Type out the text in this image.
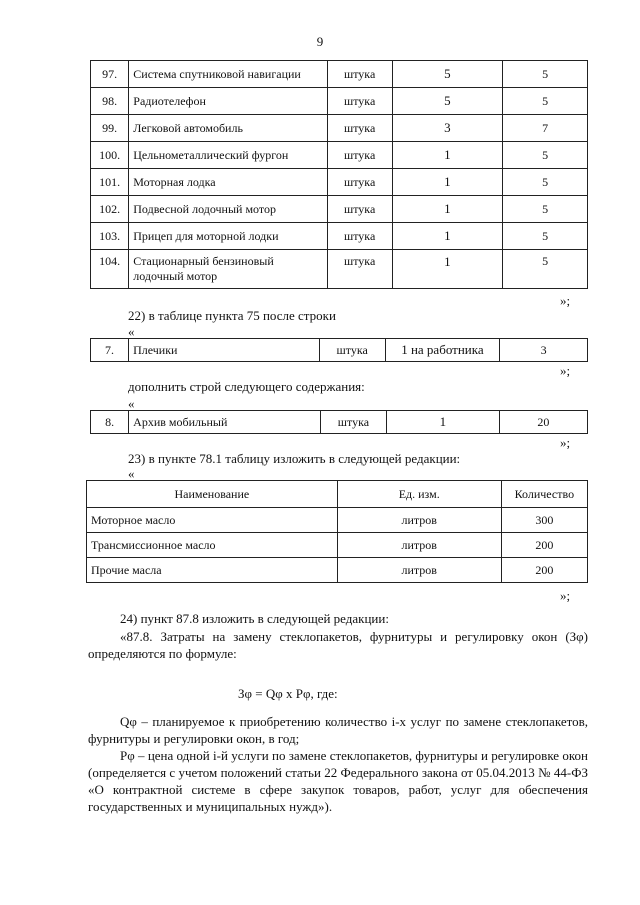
9
97.	Система спутниковой навигации	штука	5	5
98.	Радиотелефон	штука	5	5
99.	Легковой автомобиль	штука	3	7
100.	Цельнометаллический фургон	штука	1	5
101.	Моторная лодка	штука	1	5
102.	Подвесной лодочный мотор	штука	1	5
103.	Прицеп для моторной лодки	штука	1	5
104.	Стационарный бензиновый лодочный мотор	штука	1	5
»;
22) в таблице пункта 75 после строки
«
7.	Плечики	штука	1 на работника	3
»;
дополнить строй следующего содержания:
«
8.	Архив мобильный	штука	1	20
»;
23) в пункте 78.1 таблицу изложить в следующей редакции:
«
Наименование	Ед. изм.	Количество
Моторное масло	литров	300
Трансмиссионное масло	литров	200
Прочие масла	литров	200
»;
24) пункт 87.8 изложить в следующей редакции:
«87.8. Затраты на замену стеклопакетов, фурнитуры и регулировку окон (Зφ) определяются по формуле:
Зφ = Qφ х Рφ, где:
Qφ – планируемое к приобретению количество i-х услуг по замене стеклопакетов, фурнитуры и регулировки окон, в год;
Рφ – цена одной i-й услуги по замене стеклопакетов, фурнитуры и регулировке окон (определяется с учетом положений статьи 22 Федерального закона от 05.04.2013 № 44-ФЗ «О контрактной системе в сфере закупок товаров, работ, услуг для обеспечения государственных и муниципальных нужд»).
